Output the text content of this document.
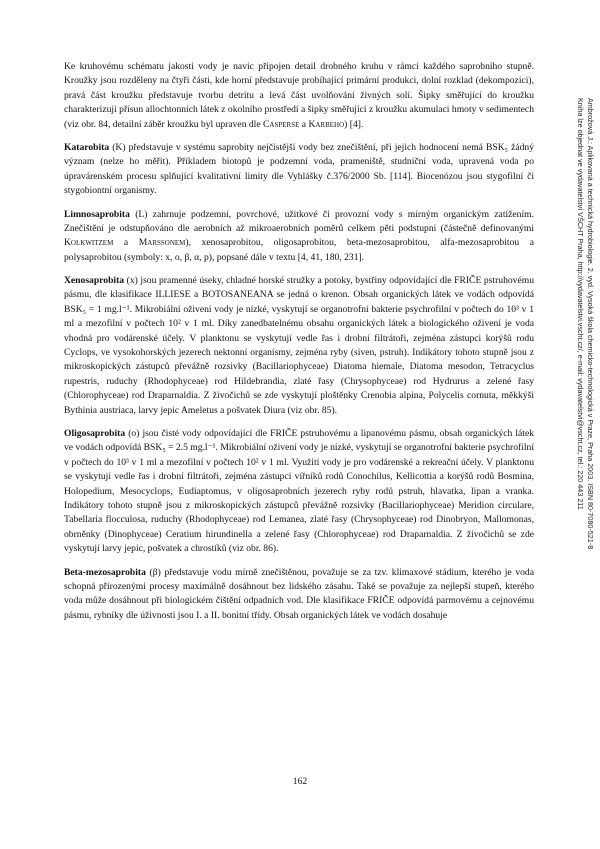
Ambrožová J.: Aplikovaná a technická hydrobiologie. 2. vyd. Vysoká škola chemicko-technologická v Praze, Praha 2003. ISBN 80-7080-521-8
Kniha lze objednat ve vydavatelství VŠCHT Praha, http://vydavatelstvi.vscht.cz/, e-mail: vydavatelstvi@vscht.cz, tel.: 220 443 211

Ke kruhovému schématu jakosti vody je navíc připojen detail drobného kruhu v rámci každého saprobního stupně. Kroužky jsou rozděleny na čtyři části, kde horní představuje probíhající primární produkci, dolní rozklad (dekompozici), pravá část kroužku představuje tvorbu detritu a levá část uvolňování živných solí. Šipky směřující do kroužku charakterizují přísun allochtonních látek z okolního prostředí a šipky směřující z kroužku akumulaci hmoty v sedimentech (viz obr. 84, detailní záběr kroužku byl upraven dle Casperse a Karbeho) [4].

Katarobita (K) představuje v systému saprobity nejčistější vody bez znečištění, při jejich hodnocení nemá BSK₅ žádný význam (nelze ho měřit). Příkladem biotopů je podzemní voda, prameniště, studniční voda, upravená voda po úpravárenském procesu splňující kvalitativní limity dle Vyhlášky č.376/2000 Sb. [114]. Biocenózou jsou stygofilní či stygobiontní organismy.

Limnosaprobita (L) zahrnuje podzemní, povrchové, užitkové či provozní vody s mírným organickým zatížením. Znečištění je odstupňováno dle aerobních až mikroaerobních poměrů celkem pěti podstupni (částečně definovanými Kolkwitzem a Marssonem), xenosaprobitou, oligosaprobitou, beta-mezosaprobitou, alfa-mezosaprobitou a polysaprobitou (symboly: x, o, β, α, p), popsané dále v textu [4, 41, 180, 231].

Xenosaprobita (x) jsou pramenné úseky, chladné horské stružky a potoky, bystřiny odpovídající dle FRIČE pstruhovému pásmu, dle klasifikace ILLIESE a BOTOSANEANA se jedná o krenon. Obsah organických látek ve vodách odpovídá BSK₅ = 1 mg.l⁻¹. Mikrobiální oživení vody je nízké, vyskytují se organotrofní bakterie psychrofilní v počtech do 10³ v 1 ml a mezofilní v počtech 10² v 1 ml. Díky zanedbatelnému obsahu organických látek a biologického oživení je voda vhodná pro vodárenské účely. V planktonu se vyskytují vedle řas i drobní filtrátoři, zejména zástupci korýšů rodu Cyclops, ve vysokohorských jezerech nektonní organismy, zejména ryby (siven, pstruh). Indikátory tohoto stupně jsou z mikroskopických zástupců převážně rozsivky (Bacillariophyceae) Diatoma hiemale, Diatoma mesodon, Tetracyclus rupestris, ruduchy (Rhodophyceae) rod Hildebrandia, zlaté řasy (Chrysophyceae) rod Hydrurus a zelené řasy (Chlorophyceae) rod Draparnaldia. Z živočichů se zde vyskytují ploštěnky Crenobia alpina, Polycelis cornuta, měkkýši Bythinia austriaca, larvy jepic Ameletus a pošvatek Diura (viz obr. 85).

Oligosaprobita (o) jsou čisté vody odpovídající dle FRIČE pstruhovému a lipanovému pásmu, obsah organických látek ve vodách odpovídá BSK₅ = 2.5 mg.l⁻¹. Mikrobiální oživení vody je nízké, vyskytují se organotrofní bakterie psychrofilní v počtech do 10³ v 1 ml a mezofilní v počtech 10² v 1 ml. Využití vody je pro vodárenské a rekreační účely. V planktonu se vyskytují vedle řas i drobní filtrátoři, zejména zástupci vířníků rodů Conochilus, Kellicottia a korýšů rodů Bosmina, Holopedium, Mesocyclops, Eudiaptomus, v oligosaprobních jezerech ryby rodů pstruh, hlavatka, lipan a vranka. Indikátory tohoto stupně jsou z mikroskopických zástupců převážně rozsivky (Bacillariophyceae) Meridion circulare, Tabellaria flocculosa, ruduchy (Rhodophyceae) rod Lemanea, zlaté řasy (Chrysophyceae) rod Dinobryon, Mallomonas, obrněnky (Dinophyceae) Ceratium hirundinella a zelené řasy (Chlorophyceae) rod Draparnaldia. Z živočichů se zde vyskytují larvy jepic, pošvatek a chrostíků (viz obr. 86).

Beta-mezosaprobita (β) představuje vodu mírně znečištěnou, považuje se za tzv. klimaxové stádium, kterého je voda schopná přirozenými procesy maximálně dosáhnout bez lidského zásahu. Také se považuje za nejlepší stupeň, kterého voda může dosáhnout při biologickém čištění odpadních vod. Dle klasifikace FRIČE odpovídá parmovému a cejnovému pásmu, rybníky dle úživnosti jsou I. a II. bonitní třídy. Obsah organických látek ve vodách dosahuje

162
